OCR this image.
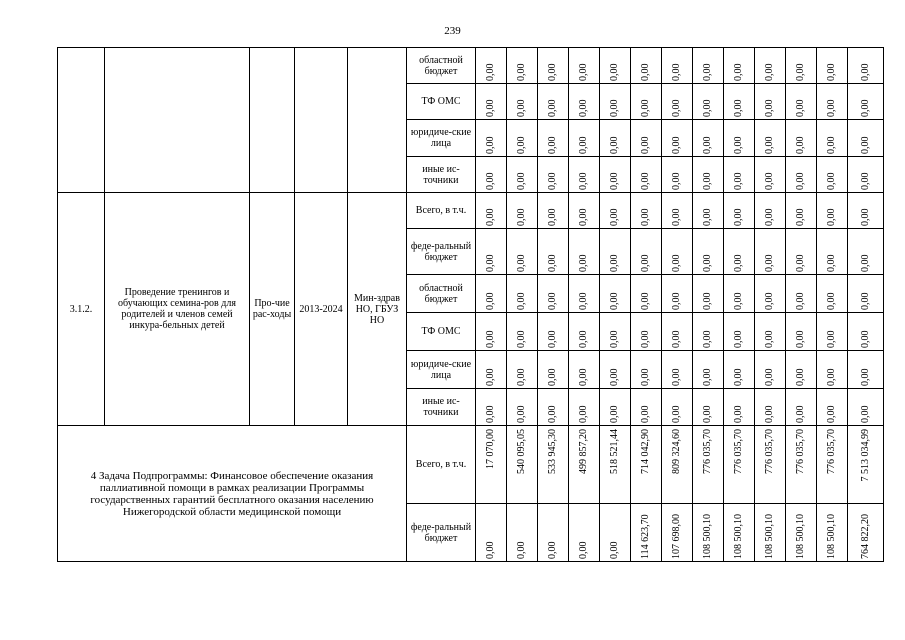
239
					областной бюджет	0,00	0,00	0,00	0,00	0,00	0,00	0,00	0,00	0,00	0,00	0,00	0,00	0,00

					ТФ ОМС	0,00	0,00	0,00	0,00	0,00	0,00	0,00	0,00	0,00	0,00	0,00	0,00	0,00

					юридиче-ские лица	0,00	0,00	0,00	0,00	0,00	0,00	0,00	0,00	0,00	0,00	0,00	0,00	0,00

					иные ис-точники	0,00	0,00	0,00	0,00	0,00	0,00	0,00	0,00	0,00	0,00	0,00	0,00	0,00

3.1.2.	Проведение тренингов и обучающих семина-ров для родителей и членов семей инкура-бельных детей	Про-чие рас-ходы	2013-2024	Мин-здрав НО, ГБУЗ НО	Всего, в т.ч.	0,00	0,00	0,00	0,00	0,00	0,00	0,00	0,00	0,00	0,00	0,00	0,00	0,00

					феде-ральный бюджет	0,00	0,00	0,00	0,00	0,00	0,00	0,00	0,00	0,00	0,00	0,00	0,00	0,00

					областной бюджет	0,00	0,00	0,00	0,00	0,00	0,00	0,00	0,00	0,00	0,00	0,00	0,00	0,00

					ТФ ОМС	0,00	0,00	0,00	0,00	0,00	0,00	0,00	0,00	0,00	0,00	0,00	0,00	0,00

					юридиче-ские лица	0,00	0,00	0,00	0,00	0,00	0,00	0,00	0,00	0,00	0,00	0,00	0,00	0,00

					иные ис-точники	0,00	0,00	0,00	0,00	0,00	0,00	0,00	0,00	0,00	0,00	0,00	0,00	0,00

4 Задача Подпрограммы: Финансовое обеспечение оказания паллиативной помощи в рамках реализации Программы государственных гарантий бесплатного оказания населению Нижегородской области медицинской помощи					Всего, в т.ч.	17 070,00	540 095,05	533 945,30	499 857,20	518 521,44	714 042,90	809 324,60	776 035,70	776 035,70	776 035,70	776 035,70	776 035,70	7 513 034,99

					феде-ральный бюджет	0,00	0,00	0,00	0,00	0,00	114 623,70	107 698,00	108 500,10	108 500,10	108 500,10	108 500,10	108 500,10	764 822,20
